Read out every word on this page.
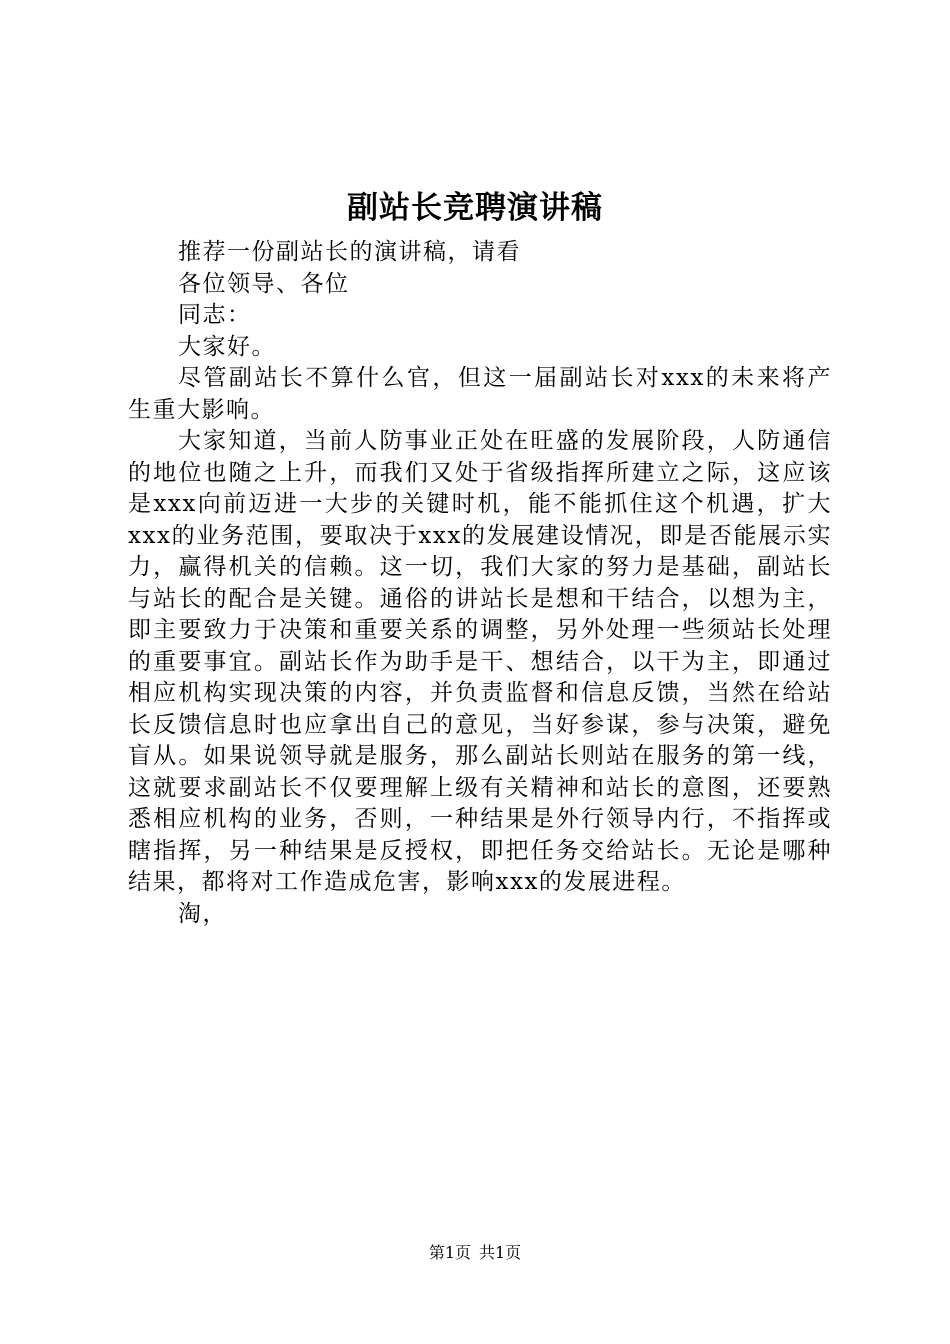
副站长竞聘演讲稿

推荐一份副站长的演讲稿，请看

各位领导、各位

同志：

大家好。

尽管副站长不算什么官，但这一届副站长对xxx的未来将产生重大影响。

大家知道，当前人防事业正处在旺盛的发展阶段，人防通信的地位也随之上升，而我们又处于省级指挥所建立之际，这应该是xxx向前迈进一大步的关键时机，能不能抓住这个机遇，扩大xxx的业务范围，要取决于xxx的发展建设情况，即是否能展示实力，赢得机关的信赖。这一切，我们大家的努力是基础，副站长与站长的配合是关键。通俗的讲站长是想和干结合，以想为主，即主要致力于决策和重要关系的调整，另外处理一些须站长处理的重要事宜。副站长作为助手是干、想结合，以干为主，即通过相应机构实现决策的内容，并负责监督和信息反馈，当然在给站长反馈信息时也应拿出自己的意见，当好参谋，参与决策，避免盲从。如果说领导就是服务，那么副站长则站在服务的第一线，这就要求副站长不仅要理解上级有关精神和站长的意图，还要熟悉相应机构的业务，否则，一种结果是外行领导内行，不指挥或瞎指挥，另一种结果是反授权，即把任务交给站长。无论是哪种结果，都将对工作造成危害，影响xxx的发展进程。

淘，

第1页 共1页
